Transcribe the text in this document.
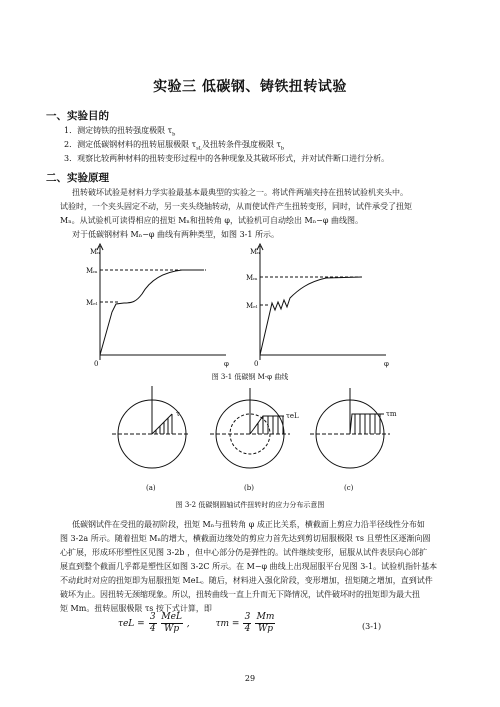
实验三 低碳钢、铸铁扭转试验
一、实验目的
1．测定铸铁的扭转强度极限 $\tau_b$
2．测定低碳钢材料的扭转屈服极限 $\tau_{sL}$及扭转条件强度极限 $\tau_b$
3．观察比较两种材料的扭转变形过程中的各种现象及其破坏形式，并对试件断口进行分析。
二、实验原理
扭转破坏试验是材料力学实验最基本最典型的实验之一。将试件两端夹持在扭转试验机夹头中。
试验时，一个夹头固定不动，另一夹头绕轴转动，从而使试件产生扭转变形，同时，试件承受了扭矩
Mₙ。从试验机可读得相应的扭矩 Mₙ和扭转角 φ，试验机可自动绘出 Mₙ−φ 曲线图。
对于低碳钢材料 Mₙ−φ 曲线有两种类型，如图 3-1 所示。
Mₙ
Mₘ
Mₑₗ
0	φ
Mₙ
Mₘ
Mₑₗ
0	φ
图 3-1 低碳钢 M-φ 曲线
τ	τeL	τm
(a)	(b)	(c)
图 3-2 低碳钢圆轴试件扭转时的应力分布示意图
低碳钢试件在受扭的最初阶段，扭矩 Mₙ与扭转角 φ 成正比关系，横截面上剪应力沿半径线性分布如
图 3-2a 所示。随着扭矩 Mₙ的增大，横截面边缘处的剪应力首先达到剪切屈服极限 τs 且塑性区逐渐向圆
心扩展，形成环形塑性区见图 3-2b ，但中心部分仍是弹性的。试件继续变形，屈服从试件表层向心部扩
展直到整个截面几乎都是塑性区如图 3-2C 所示。在 M−φ 曲线上出现屈服平台见图 3-1。试验机指针基本
不动此时对应的扭矩即为屈服扭矩 MeL。随后，材料进入强化阶段，变形增加，扭矩随之增加，直到试件
破坏为止。因扭转无颈缩现象。所以，扭转曲线一直上升而无下降情况，试件破坏时的扭矩即为最大扭
矩 Mm。扭转屈服极限 τs 按下式计算，即
τeL =
3
4
MeL
Wp
,	τm =
3
4
Mm
Wp	(3-1)
29
